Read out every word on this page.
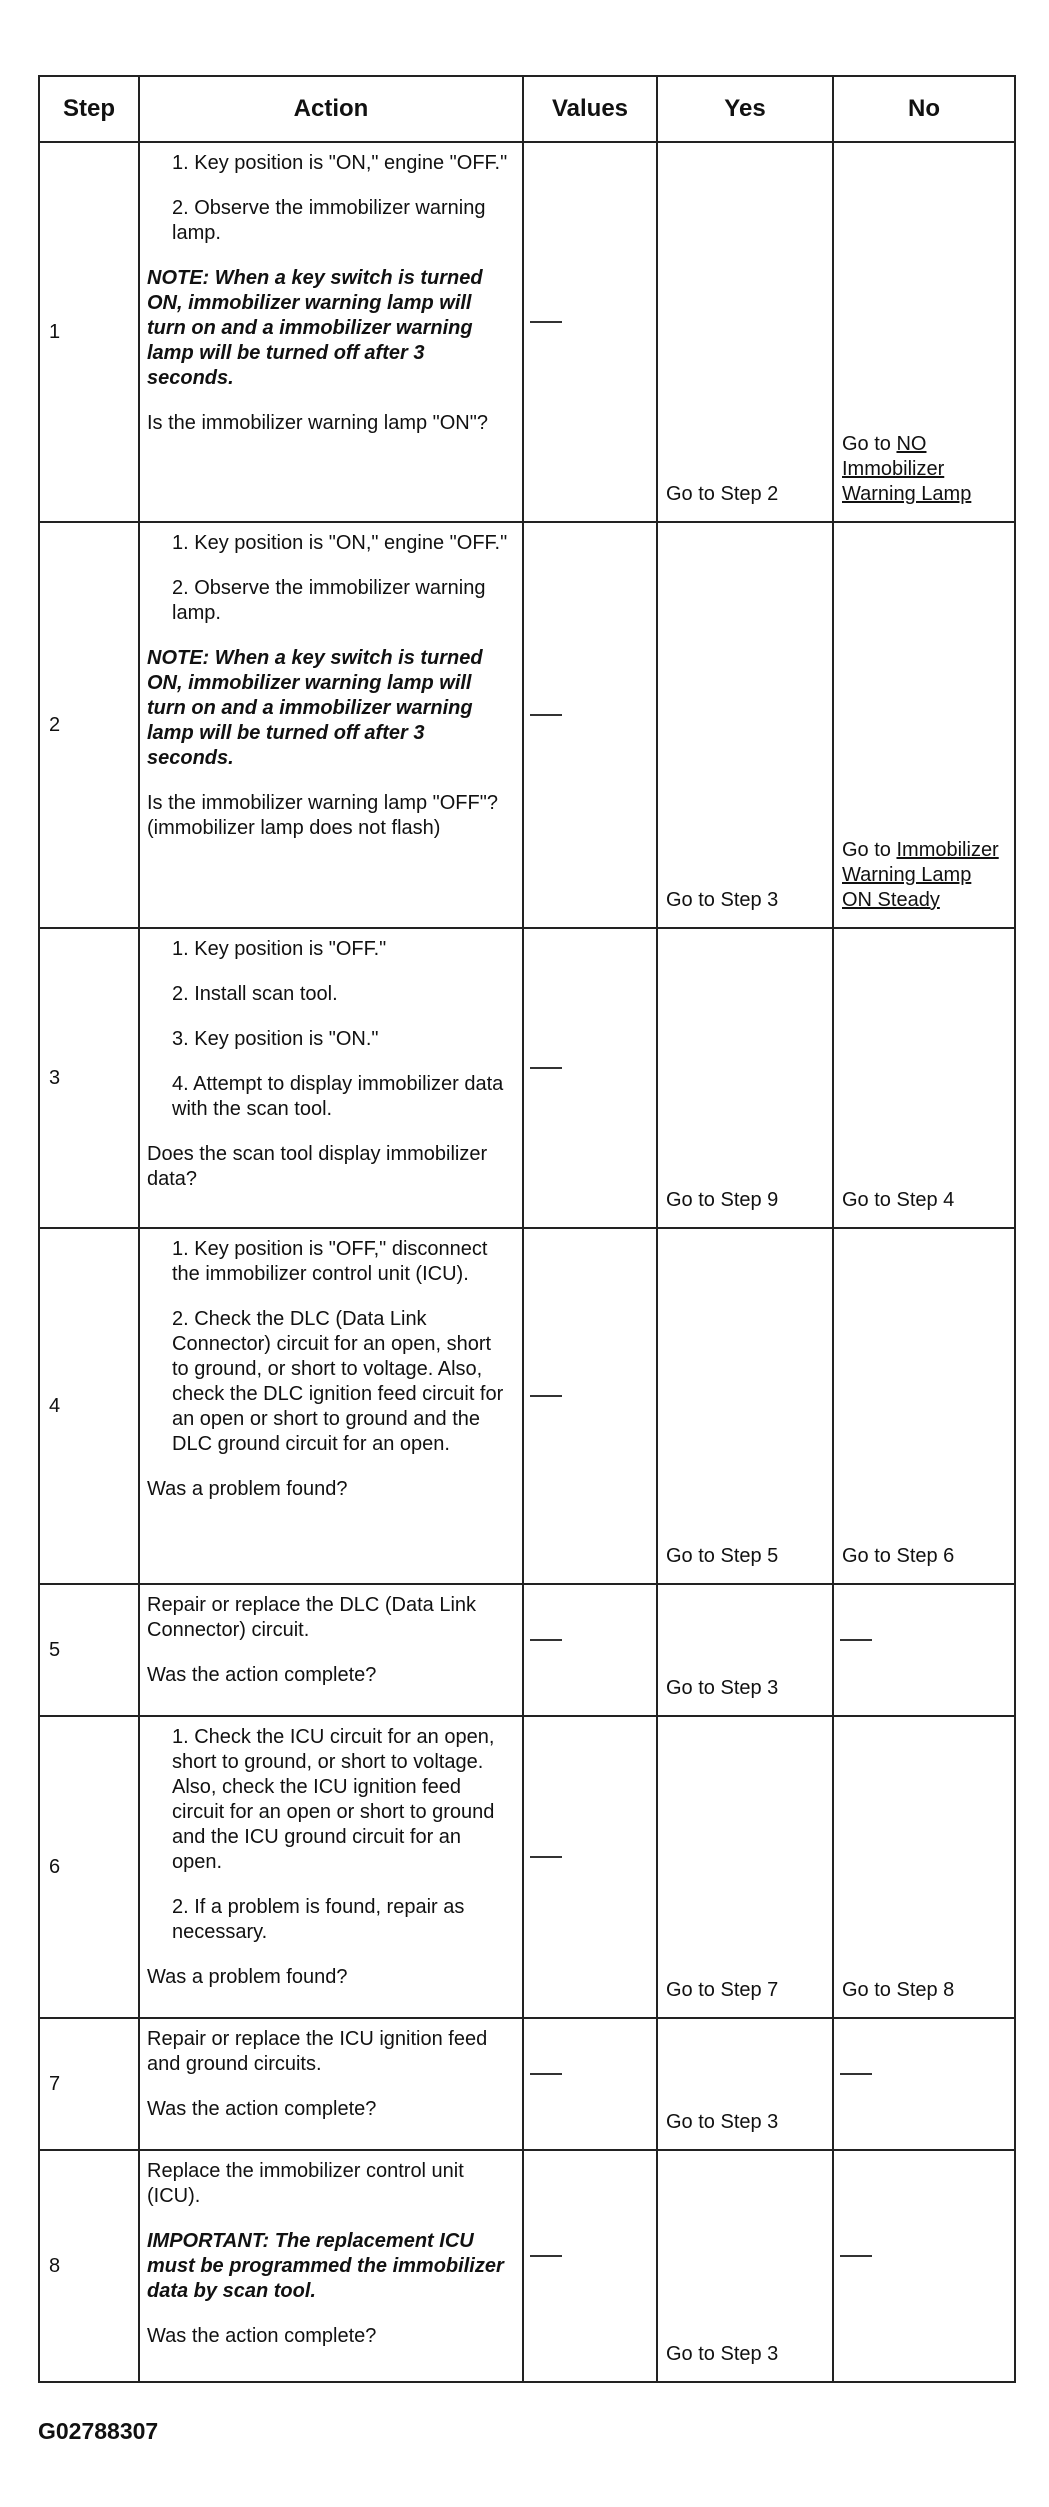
Step	Action	Values	Yes	No
1	1. Key position is "ON," engine "OFF."

2. Observe the immobilizer warning lamp.

NOTE: When a key switch is turned ON, immobilizer warning lamp will turn on and a immobilizer warning lamp will be turned off after 3 seconds.

Is the immobilizer warning lamp "ON"?		Go to Step 2	Go to NO Immobilizer Warning Lamp

2	1. Key position is "ON," engine "OFF."

2. Observe the immobilizer warning lamp.

NOTE: When a key switch is turned ON, immobilizer warning lamp will turn on and a immobilizer warning lamp will be turned off after 3 seconds.

Is the immobilizer warning lamp "OFF"? (immobilizer lamp does not flash)		Go to Step 3	Go to Immobilizer Warning Lamp ON Steady

3	1. Key position is "OFF."

2. Install scan tool.

3. Key position is "ON."

4. Attempt to display immobilizer data with the scan tool.

Does the scan tool display immobilizer data?		Go to Step 9	Go to Step 4

4	1. Key position is "OFF," disconnect the immobilizer control unit (ICU).

2. Check the DLC (Data Link Connector) circuit for an open, short to ground, or short to voltage. Also, check the DLC ignition feed circuit for an open or short to ground and the DLC ground circuit for an open.

Was a problem found?		Go to Step 5	Go to Step 6

5	Repair or replace the DLC (Data Link Connector) circuit.

Was the action complete?		Go to Step 3

6	1. Check the ICU circuit for an open, short to ground, or short to voltage. Also, check the ICU ignition feed circuit for an open or short to ground and the ICU ground circuit for an open.

2. If a problem is found, repair as necessary.

Was a problem found?		Go to Step 7	Go to Step 8

7	Repair or replace the ICU ignition feed and ground circuits.

Was the action complete?		Go to Step 3

8	Replace the immobilizer control unit (ICU).

IMPORTANT: The replacement ICU must be programmed the immobilizer data by scan tool.

Was the action complete?		Go to Step 3

G02788307
